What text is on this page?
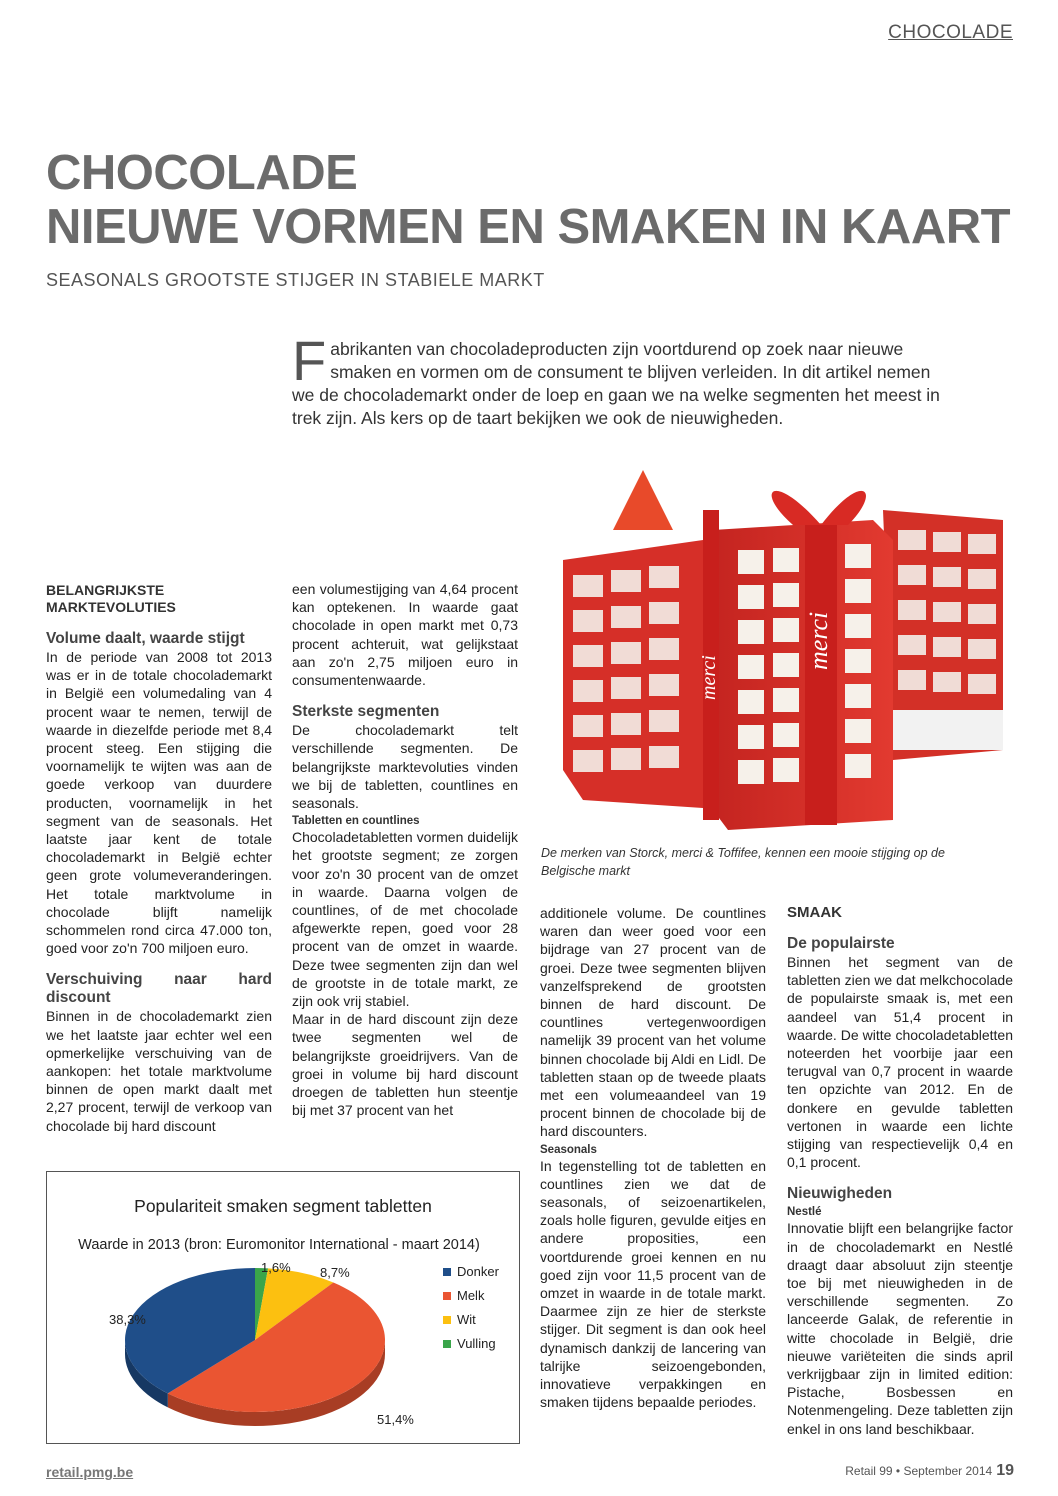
CHOCOLADE
CHOCOLADE
NIEUWE VORMEN EN SMAKEN IN KAART
SEASONALS GROOTSTE STIJGER IN STABIELE MARKT
Fabrikanten van chocoladeproducten zijn voortdurend op zoek naar nieuwe smaken en vormen om de consument te blijven verleiden. In dit artikel nemen we de chocolademarkt onder de loep en gaan we na welke segmenten het meest in trek zijn. Als kers op de taart bekijken we ook de nieuwigheden.
merci
merci
De merken van Storck, merci & Toffifee, kennen een mooie stijging op de Belgische markt
BELANGRIJKSTE MARKTEVOLUTIES
Volume daalt, waarde stijgt

In de periode van 2008 tot 2013 was er in de totale chocolademarkt in België een volumedaling van 4 procent waar te nemen, terwijl de waarde in diezelfde periode met 8,4 procent steeg. Een stijging die voornamelijk te wijten was aan de goede verkoop van duurdere producten, voornamelijk in het segment van de seasonals. Het laatste jaar kent de totale chocolademarkt in België echter geen grote volumeveranderingen. Het totale marktvolume in chocolade blijft namelijk schommelen rond circa 47.000 ton, goed voor zo'n 700 miljoen euro.

Verschuiving naar hard discount

Binnen in de chocolademarkt zien we het laatste jaar echter wel een opmerkelijke verschuiving van de aankopen: het totale marktvolume binnen de open markt daalt met 2,27 procent, terwijl de verkoop van chocolade bij hard discount

een volumestijging van 4,64 procent kan optekenen. In waarde gaat chocolade in open markt met 0,73 procent achteruit, wat gelijkstaat aan zo'n 2,75 miljoen euro in consumentenwaarde.

Sterkste segmenten

De chocolademarkt telt verschillende segmenten. De belangrijkste marktevoluties vinden we bij de tabletten, countlines en seasonals.

Tabletten en countlines

Chocoladetabletten vormen duidelijk het grootste segment; ze zorgen voor zo'n 30 procent van de omzet in waarde. Daarna volgen de countlines, of de met chocolade afgewerkte repen, goed voor 28 procent van de omzet in waarde. Deze twee segmenten zijn dan wel de grootste in de totale markt, ze zijn ook vrij stabiel.

Maar in de hard discount zijn deze twee segmenten wel de belangrijkste groeidrijvers. Van de groei in volume bij hard discount droegen de tabletten hun steentje bij met 37 procent van het

additionele volume. De countlines waren dan weer goed voor een bijdrage van 27 procent van de groei. Deze twee segmenten blijven vanzelfsprekend de grootsten binnen de hard discount. De countlines vertegenwoordigen namelijk 39 procent van het volume binnen chocolade bij Aldi en Lidl. De tabletten staan op de tweede plaats met een volumeaandeel van 19 procent binnen de chocolade bij de hard discounters.

Seasonals

In tegenstelling tot de tabletten en countlines zien we dat de seasonals, of seizoenartikelen, zoals holle figuren, gevulde eitjes en andere proposities, een voortdurende groei kennen en nu goed zijn voor 11,5 procent van de omzet in waarde in de totale markt. Daarmee zijn ze hier de sterkste stijger. Dit segment is dan ook heel dynamisch dankzij de lancering van talrijke seizoengebonden, innovatieve verpakkingen en smaken tijdens bepaalde periodes.

SMAAK
De populairste

Binnen het segment van de tabletten zien we dat melkchocolade de populairste smaak is, met een aandeel van 51,4 procent in waarde. De witte chocoladetabletten noteerden het voorbije jaar een terugval van 0,7 procent in waarde ten opzichte van 2012. En de donkere en gevulde tabletten vertonen in waarde een lichte stijging van respectievelijk 0,4 en 0,1 procent.

Nieuwigheden
Nestlé

Innovatie blijft een belangrijke factor in de chocolademarkt en Nestlé draagt daar absoluut zijn steentje toe bij met nieuwigheden in de verschillende segmenten. Zo lanceerde Galak, de referentie in witte chocolade in België, drie nieuwe variëteiten die sinds april verkrijgbaar zijn in limited edition: Pistache, Bosbessen en Notenmengeling. Deze tabletten zijn enkel in ons land beschikbaar.

Populariteit smaken segment tabletten
Waarde in 2013 (bron: Euromonitor International - maart 2014)
1,6% 8,7%
51,4%
38,3%
Donker
Melk
Wit
Vulling
retail.pmg.be	Retail 99 • September 2014 19
